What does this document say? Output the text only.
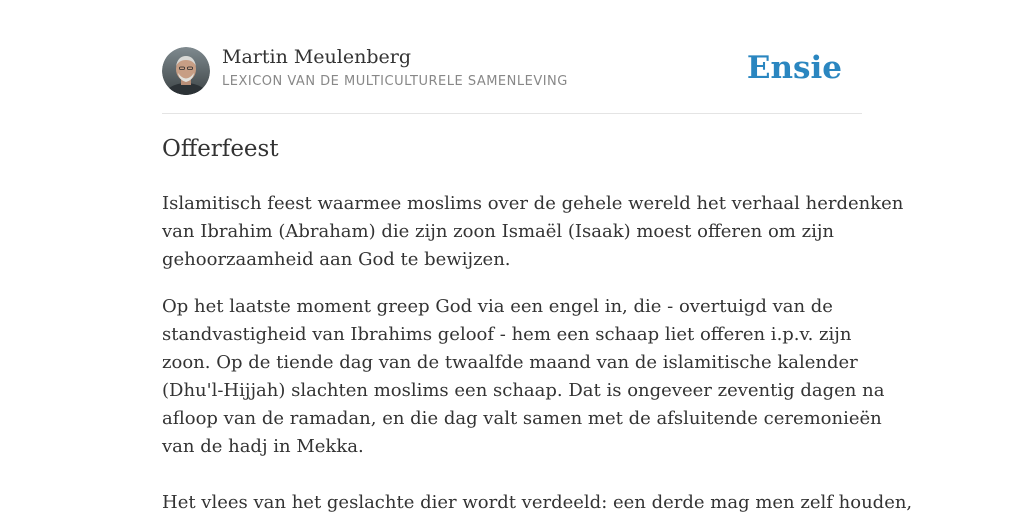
Martin Meulenberg
LEXICON VAN DE MULTICULTURELE SAMENLEVING	Ensie
Offerfeest

Islamitisch feest waarmee moslims over de gehele wereld het verhaal herdenken
van Ibrahim (Abraham) die zijn zoon Ismaël (Isaak) moest offeren om zijn
gehoorzaamheid aan God te bewijzen.

Op het laatste moment greep God via een engel in, die - overtuigd van de
standvastigheid van Ibrahims geloof - hem een schaap liet offeren i.p.v. zijn
zoon. Op de tiende dag van de twaalfde maand van de islamitische kalender
(Dhu'l-Hijjah) slachten moslims een schaap. Dat is ongeveer zeventig dagen na
afloop van de ramadan, en die dag valt samen met de afsluitende ceremonieën
van de hadj in Mekka.

Het vlees van het geslachte dier wordt verdeeld: een derde mag men zelf houden,
